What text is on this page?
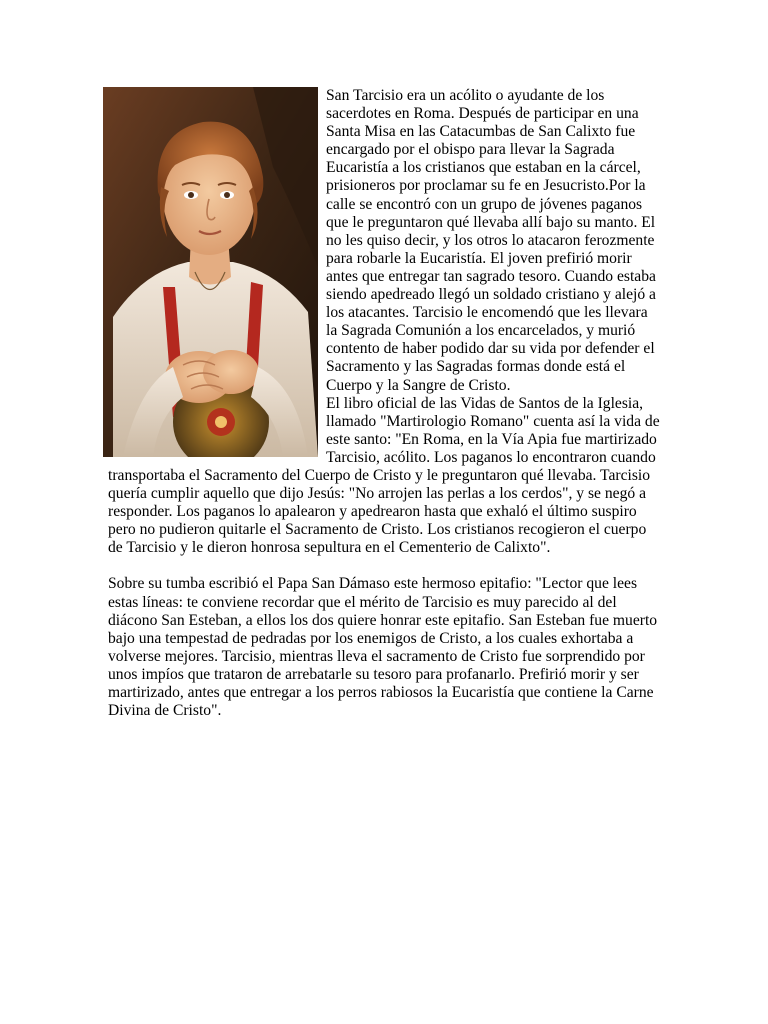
San Tarcisio era un acólito o ayudante de los sacerdotes en Roma. Después de participar en una Santa Misa en las Catacumbas de San Calixto fue encargado por el obispo para llevar la Sagrada Eucaristía a los cristianos que estaban en la cárcel, prisioneros por proclamar su fe en Jesucristo.Por la calle se encontró con un grupo de jóvenes paganos que le preguntaron qué llevaba allí bajo su manto. El no les quiso decir, y los otros lo atacaron ferozmente para robarle la Eucaristía. El joven prefirió morir antes que entregar tan sagrado tesoro. Cuando estaba siendo apedreado llegó un soldado cristiano y alejó a los atacantes. Tarcisio le encomendó que les llevara la Sagrada Comunión a los encarcelados, y murió contento de haber podido dar su vida por defender el Sacramento y las Sagradas formas donde está el Cuerpo y la Sangre de Cristo.

El libro oficial de las Vidas de Santos de la Iglesia, llamado "Martirologio Romano" cuenta así la vida de este santo: "En Roma, en la Vía Apia fue martirizado Tarcisio, acólito. Los paganos lo encontraron cuando transportaba el Sacramento del Cuerpo de Cristo y le preguntaron qué llevaba. Tarcisio quería cumplir aquello que dijo Jesús: "No arrojen las perlas a los cerdos", y se negó a responder. Los paganos lo apalearon y apedrearon hasta que exhaló el último suspiro pero no pudieron quitarle el Sacramento de Cristo. Los cristianos recogieron el cuerpo de Tarcisio y le dieron honrosa sepultura en el Cementerio de Calixto".

Sobre su tumba escribió el Papa San Dámaso este hermoso epitafio: "Lector que lees estas líneas: te conviene recordar que el mérito de Tarcisio es muy parecido al del diácono San Esteban, a ellos los dos quiere honrar este epitafio. San Esteban fue muerto bajo una tempestad de pedradas por los enemigos de Cristo, a los cuales exhortaba a volverse mejores. Tarcisio, mientras lleva el sacramento de Cristo fue sorprendido por unos impíos que trataron de arrebatarle su tesoro para profanarlo. Prefirió morir y ser martirizado, antes que entregar a los perros rabiosos la Eucaristía que contiene la Carne Divina de Cristo".
